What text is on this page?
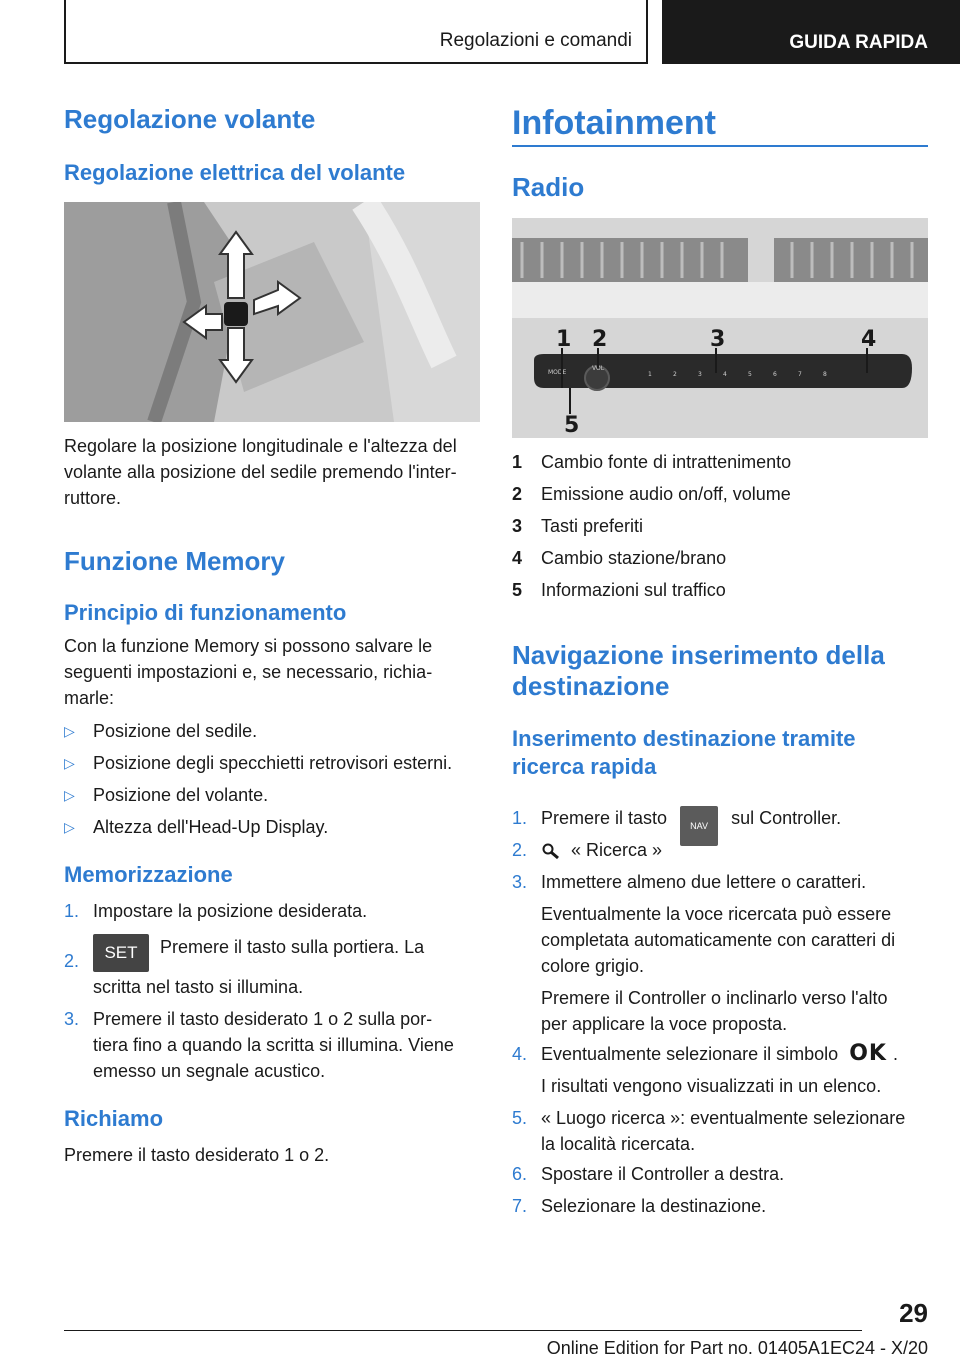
Regolazioni e comandi	GUIDA RAPIDA
Regolazione volante
Regolazione elettrica del volante
Regolare la posizione longitudinale e l'altezza del
volante alla posizione del sedile premendo l'inter‐
ruttore.
Funzione Memory
Principio di funzionamento
Con la funzione Memory si possono salvare le
seguenti impostazioni e, se necessario, richia‐
marle:
▷ Posizione del sedile.
▷ Posizione degli specchietti retrovisori esterni.
▷ Posizione del volante.
▷ Altezza dell'Head-Up Display.
Memorizzazione
1. Impostare la posizione desiderata.
2.	SET Premere il tasto sulla portiera. La
scritta nel tasto si illumina.
3. Premere il tasto desiderato 1 o 2 sulla por‐
tiera fino a quando la scritta si illumina. Viene
emesso un segnale acustico.
Richiamo
Premere il tasto desiderato 1 o 2.
Infotainment
Radio
MODE
VOL
1	2	3	4	5	6	7	8
1 2	3	4
5
1 Cambio fonte di intrattenimento
2 Emissione audio on/off, volume
3 Tasti preferiti
4 Cambio stazione/brano
5 Informazioni sul traffico
Navigazione inserimento della
destinazione
Inserimento destinazione tramite
ricerca rapida
1. Premere il tasto	NAV sul Controller.
2.	« Ricerca »
3. Immettere almeno due lettere o caratteri.
Eventualmente la voce ricercata può essere
completata automaticamente con caratteri di
colore grigio.
Premere il Controller o inclinarlo verso l'alto
per applicare la voce proposta.
4. Eventualmente selezionare il simbolo OK .
I risultati vengono visualizzati in un elenco.
5. « Luogo ricerca »: eventualmente selezionare
la località ricercata.
6. Spostare il Controller a destra.
7. Selezionare la destinazione.
29
Online Edition for Part no. 01405A1EC24 - X/20
